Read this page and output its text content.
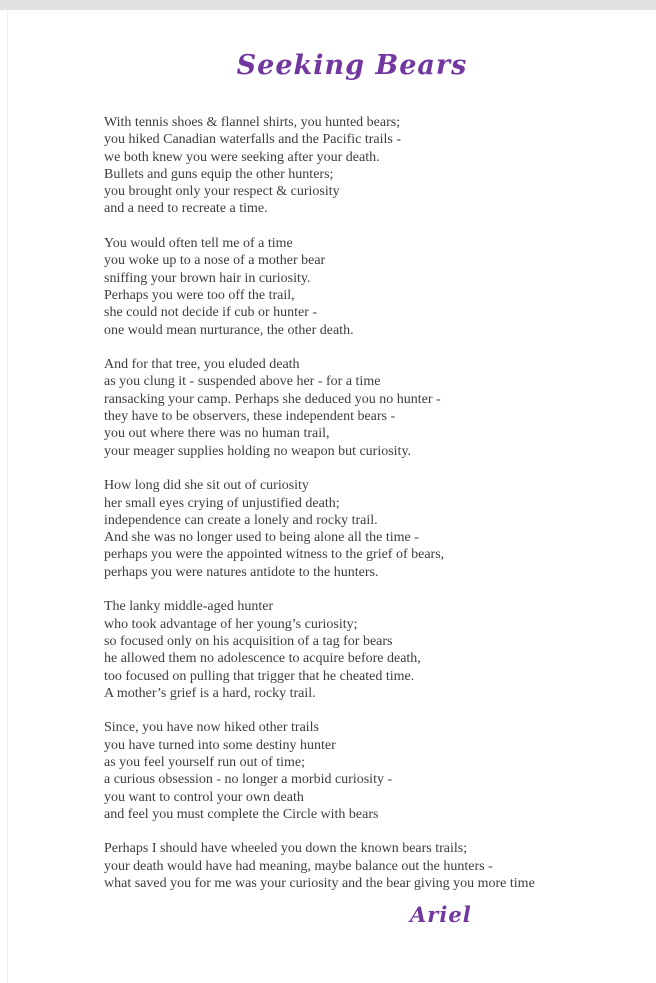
Seeking Bears

With tennis shoes & flannel shirts, you hunted bears;
you hiked Canadian waterfalls and the Pacific trails -
we both knew you were seeking after your death.
Bullets and guns equip the other hunters;
you brought only your respect & curiosity
and a need to recreate a time.

You would often tell me of a time
you woke up to a nose of a mother bear
sniffing your brown hair in curiosity.
Perhaps you were too off the trail,
she could not decide if cub or hunter -
one would mean nurturance, the other death.

And for that tree, you eluded death
as you clung it - suspended above her - for a time
ransacking your camp. Perhaps she deduced you no hunter -
they have to be observers, these independent bears -
you out where there was no human trail,
your meager supplies holding no weapon but curiosity.

How long did she sit out of curiosity
her small eyes crying of unjustified death;
independence can create a lonely and rocky trail.
And she was no longer used to being alone all the time -
perhaps you were the appointed witness to the grief of bears,
perhaps you were natures antidote to the hunters.

The lanky middle-aged hunter
who took advantage of her young’s curiosity;
so focused only on his acquisition of a tag for bears
he allowed them no adolescence to acquire before death,
too focused on pulling that trigger that he cheated time.
A mother’s grief is a hard, rocky trail.

Since, you have now hiked other trails
you have turned into some destiny hunter
as you feel yourself run out of time;
a curious obsession - no longer a morbid curiosity -
you want to control your own death
and feel you must complete the Circle with bears

Perhaps I should have wheeled you down the known bears trails;
your death would have had meaning, maybe balance out the hunters -
what saved you for me was your curiosity and the bear giving you more time

Ariel
